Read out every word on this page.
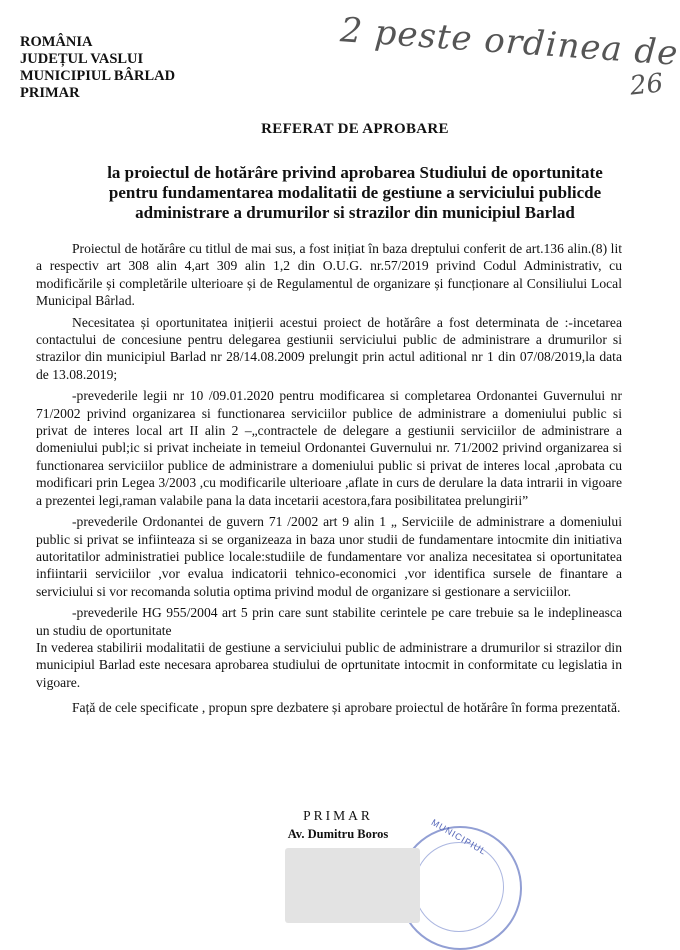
ROMÂNIA
JUDEȚUL VASLUI
MUNICIPIUL BÂRLAD
PRIMAR
2 peste ordinea de
26
REFERAT DE APROBARE
la proiectul de hotărâre privind aprobarea Studiului de oportunitate
pentru fundamentarea modalitatii de gestiune a serviciului publicde
administrare a drumurilor si strazilor din municipiul Barlad

Proiectul de hotărâre cu titlul de mai sus, a fost inițiat în baza dreptului conferit de art.136 alin.(8) lit a respectiv art 308 alin 4,art 309 alin 1,2 din O.U.G. nr.57/2019 privind Codul Administrativ, cu modificările și completările ulterioare și de Regulamentul de organizare și funcționare al Consiliului Local Municipal Bârlad.

Necesitatea și oportunitatea inițierii acestui proiect de hotărâre a fost determinata de :-incetarea contactului de concesiune pentru delegarea gestiunii serviciului public de administrare a drumurilor si strazilor din municipiul Barlad nr 28/14.08.2009 prelungit prin actul aditional nr 1 din 07/08/2019,la data de 13.08.2019;

-prevederile legii nr 10 /09.01.2020 pentru modificarea si completarea Ordonantei Guvernului nr 71/2002 privind organizarea si functionarea serviciilor publice de administrare a domeniului public si privat de interes local art II alin 2 –„contractele de delegare a gestiunii serviciilor de administrare a domeniului publ;ic si privat incheiate in temeiul Ordonantei Guvernului nr. 71/2002 privind organizarea si functionarea serviciilor publice de administrare a domeniului public si privat de interes local ,aprobata cu modificari prin Legea 3/2003 ,cu modificarile ulterioare ,aflate in curs de derulare la data intrarii in vigoare a prezentei legi,raman valabile pana la data incetarii acestora,fara posibilitatea prelungirii”

-prevederile Ordonantei de guvern 71 /2002 art 9 alin 1 „ Serviciile de administrare a domeniului public si privat se infiinteaza si se organizeaza in baza unor studii de fundamentare intocmite din initiativa autoritatilor administratiei publice locale:studiile de fundamentare vor analiza necesitatea si oportunitatea infiintarii serviciilor ,vor evalua indicatorii tehnico-economici ,vor identifica sursele de finantare a serviciului si vor recomanda solutia optima privind modul de organizare si gestionare a serviciilor.

-prevederile HG 955/2004 art 5 prin care sunt stabilite cerintele pe care trebuie sa le indeplineasca un studiu de oportunitate

In vederea stabilirii modalitatii de gestiune a serviciului public de administrare a drumurilor si strazilor din municipiul Barlad este necesara aprobarea studiului de oprtunitate intocmit in conformitate cu legislatia in vigoare.

Față de cele specificate , propun spre dezbatere și aprobare proiectul de hotărâre în forma prezentată.

MUNICIPIUL
PRIMAR
Av. Dumitru Boros
